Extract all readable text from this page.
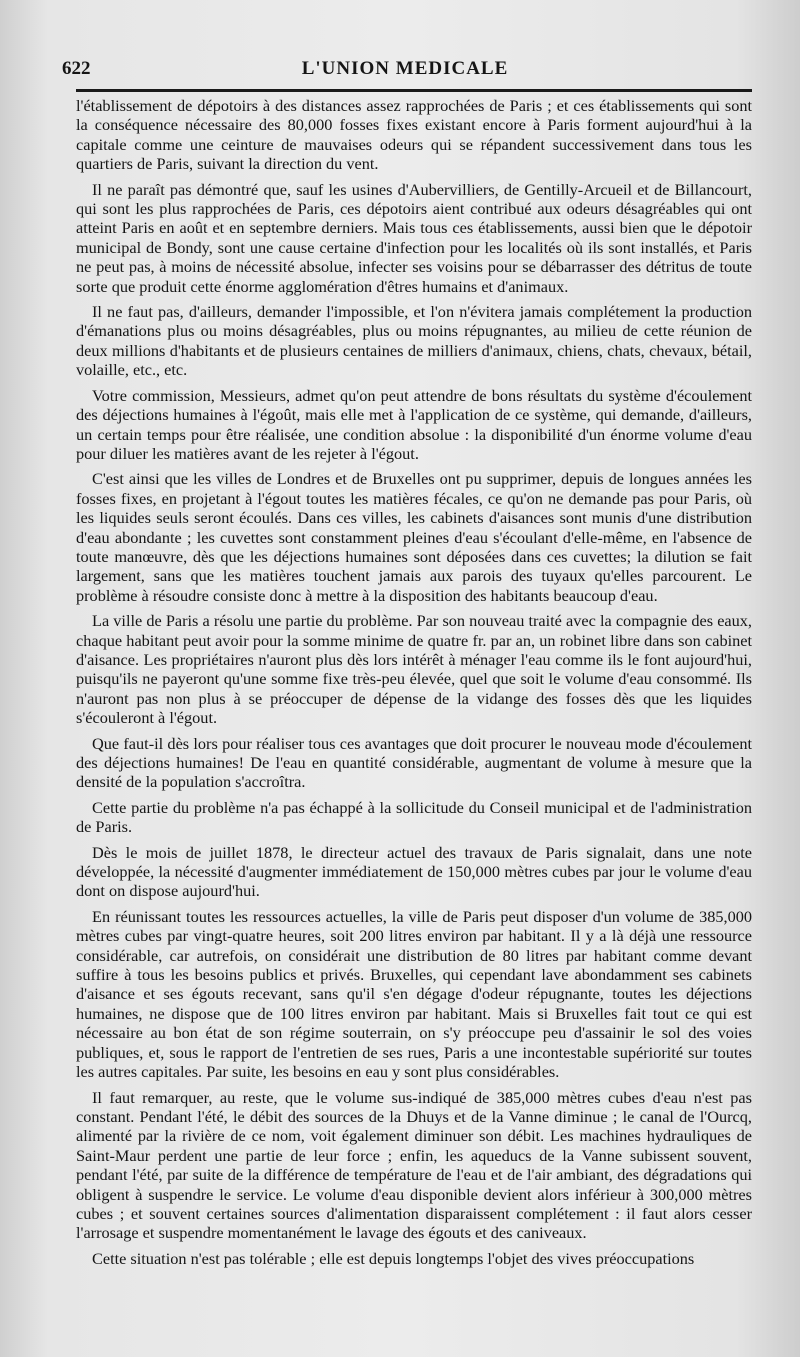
622	L'UNION MEDICALE

l'établissement de dépotoirs à des distances assez rapprochées de Paris ; et ces établissements qui sont la conséquence nécessaire des 80,000 fosses fixes existant encore à Paris forment aujourd'hui à la capitale comme une ceinture de mauvaises odeurs qui se répandent successivement dans tous les quartiers de Paris, suivant la direction du vent.

Il ne paraît pas démontré que, sauf les usines d'Aubervilliers, de Gentilly-Arcueil et de Billancourt, qui sont les plus rapprochées de Paris, ces dépotoirs aient contribué aux odeurs désagréables qui ont atteint Paris en août et en septembre derniers. Mais tous ces établissements, aussi bien que le dépotoir municipal de Bondy, sont une cause certaine d'infection pour les localités où ils sont installés, et Paris ne peut pas, à moins de nécessité absolue, infecter ses voisins pour se débarrasser des détritus de toute sorte que produit cette énorme agglomération d'êtres humains et d'animaux.

Il ne faut pas, d'ailleurs, demander l'impossible, et l'on n'évitera jamais complétement la production d'émanations plus ou moins désagréables, plus ou moins répugnantes, au milieu de cette réunion de deux millions d'habitants et de plusieurs centaines de milliers d'animaux, chiens, chats, chevaux, bétail, volaille, etc., etc.

Votre commission, Messieurs, admet qu'on peut attendre de bons résultats du système d'écoulement des déjections humaines à l'égoût, mais elle met à l'application de ce système, qui demande, d'ailleurs, un certain temps pour être réalisée, une condition absolue : la disponibilité d'un énorme volume d'eau pour diluer les matières avant de les rejeter à l'égout.

C'est ainsi que les villes de Londres et de Bruxelles ont pu supprimer, depuis de longues années les fosses fixes, en projetant à l'égout toutes les matières fécales, ce qu'on ne demande pas pour Paris, où les liquides seuls seront écoulés. Dans ces villes, les cabinets d'aisances sont munis d'une distribution d'eau abondante ; les cuvettes sont constamment pleines d'eau s'écoulant d'elle-même, en l'absence de toute manœuvre, dès que les déjections humaines sont déposées dans ces cuvettes; la dilution se fait largement, sans que les matières touchent jamais aux parois des tuyaux qu'elles parcourent. Le problème à résoudre consiste donc à mettre à la disposition des habitants beaucoup d'eau.

La ville de Paris a résolu une partie du problème. Par son nouveau traité avec la compagnie des eaux, chaque habitant peut avoir pour la somme minime de quatre fr. par an, un robinet libre dans son cabinet d'aisance. Les propriétaires n'auront plus dès lors intérêt à ménager l'eau comme ils le font aujourd'hui, puisqu'ils ne payeront qu'une somme fixe très-peu élevée, quel que soit le volume d'eau consommé. Ils n'auront pas non plus à se préoccuper de dépense de la vidange des fosses dès que les liquides s'écouleront à l'égout.

Que faut-il dès lors pour réaliser tous ces avantages que doit procurer le nouveau mode d'écoulement des déjections humaines! De l'eau en quantité considérable, augmentant de volume à mesure que la densité de la population s'accroîtra.

Cette partie du problème n'a pas échappé à la sollicitude du Conseil municipal et de l'administration de Paris.

Dès le mois de juillet 1878, le directeur actuel des travaux de Paris signalait, dans une note développée, la nécessité d'augmenter immédiatement de 150,000 mètres cubes par jour le volume d'eau dont on dispose aujourd'hui.

En réunissant toutes les ressources actuelles, la ville de Paris peut disposer d'un volume de 385,000 mètres cubes par vingt-quatre heures, soit 200 litres environ par habitant. Il y a là déjà une ressource considérable, car autrefois, on considérait une distribution de 80 litres par habitant comme devant suffire à tous les besoins publics et privés. Bruxelles, qui cependant lave abondamment ses cabinets d'aisance et ses égouts recevant, sans qu'il s'en dégage d'odeur répugnante, toutes les déjections humaines, ne dispose que de 100 litres environ par habitant. Mais si Bruxelles fait tout ce qui est nécessaire au bon état de son régime souterrain, on s'y préoccupe peu d'assainir le sol des voies publiques, et, sous le rapport de l'entretien de ses rues, Paris a une incontestable supériorité sur toutes les autres capitales. Par suite, les besoins en eau y sont plus considérables.

Il faut remarquer, au reste, que le volume sus-indiqué de 385,000 mètres cubes d'eau n'est pas constant. Pendant l'été, le débit des sources de la Dhuys et de la Vanne diminue ; le canal de l'Ourcq, alimenté par la rivière de ce nom, voit également diminuer son débit. Les machines hydrauliques de Saint-Maur perdent une partie de leur force ; enfin, les aqueducs de la Vanne subissent souvent, pendant l'été, par suite de la différence de température de l'eau et de l'air ambiant, des dégradations qui obligent à suspendre le service. Le volume d'eau disponible devient alors inférieur à 300,000 mètres cubes ; et souvent certaines sources d'alimentation disparaissent complétement : il faut alors cesser l'arrosage et suspendre momentanément le lavage des égouts et des caniveaux.

Cette situation n'est pas tolérable ; elle est depuis longtemps l'objet des vives préoccupations
